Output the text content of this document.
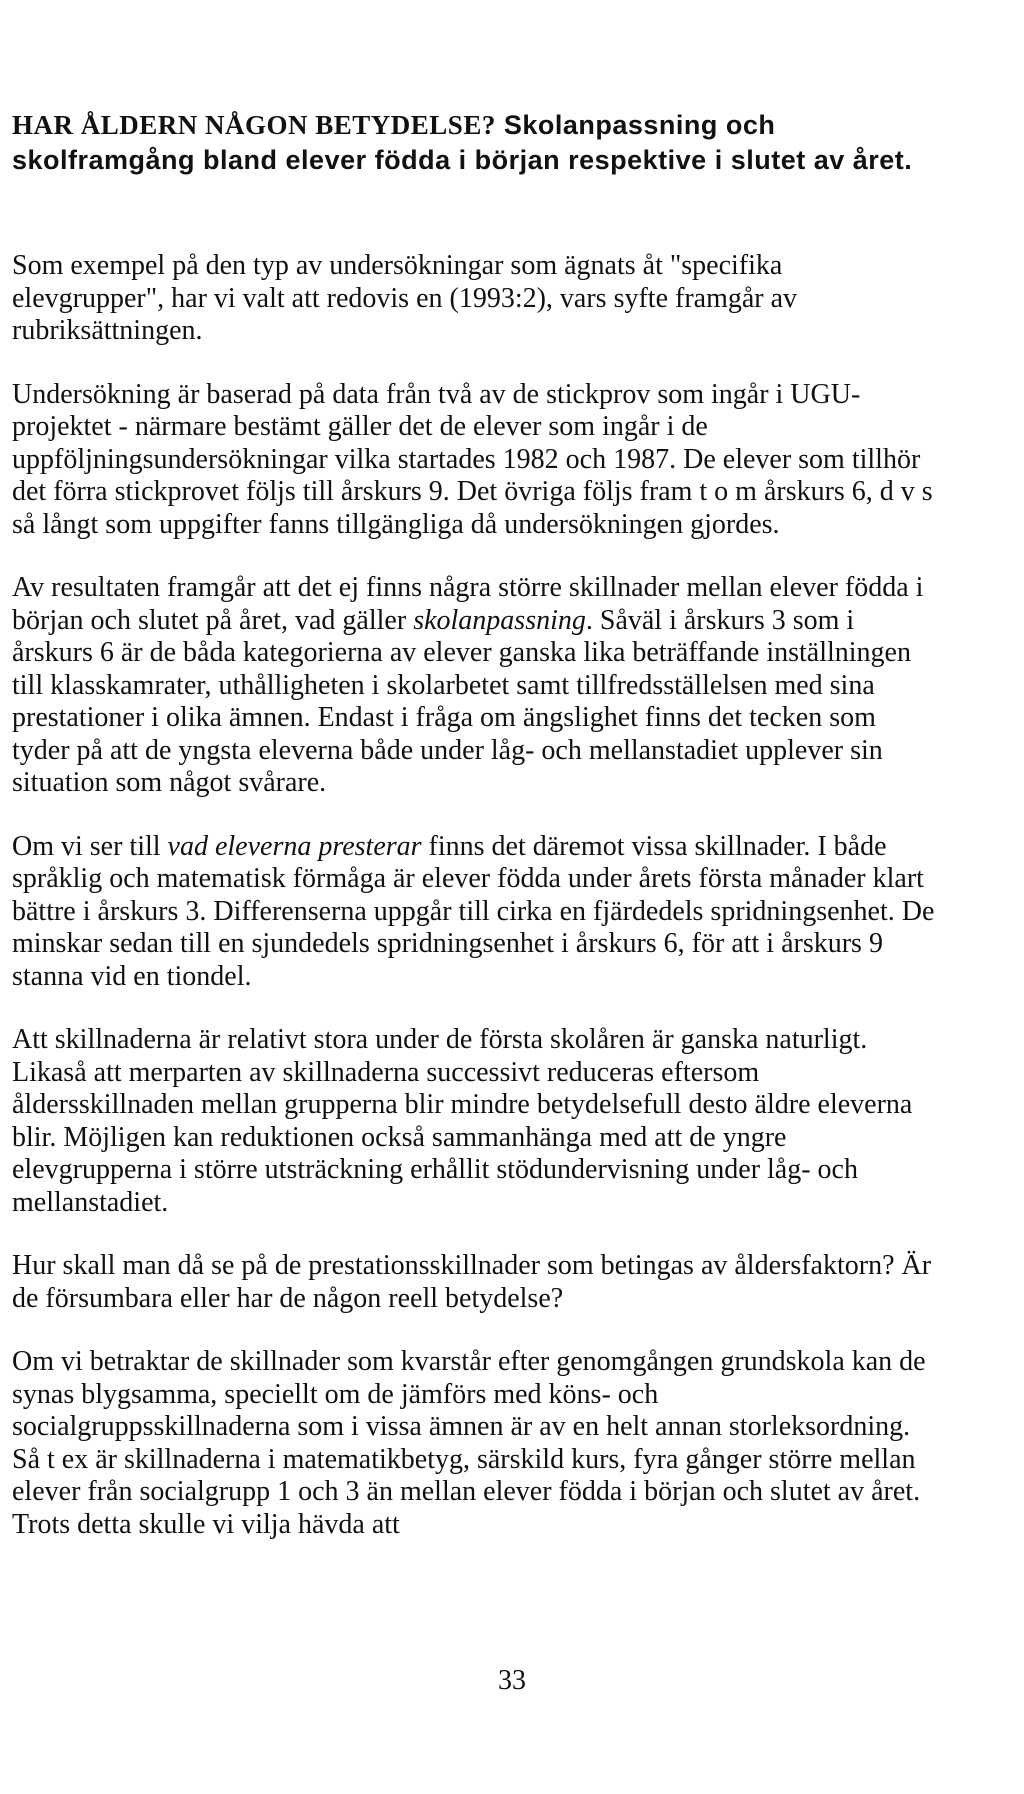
HAR ÅLDERN NÅGON BETYDELSE? Skolanpassning och skolframgång bland elever födda i början respektive i slutet av året.

Som exempel på den typ av undersökningar som ägnats åt "specifika elevgrupper", har vi valt att redovis en (1993:2), vars syfte framgår av rubriksättningen.

Undersökning är baserad på data från två av de stickprov som ingår i UGU-projektet - närmare bestämt gäller det de elever som ingår i de uppföljningsundersökningar vilka startades 1982 och 1987. De elever som tillhör det förra stickprovet följs till årskurs 9. Det övriga följs fram t o m årskurs 6, d v s så långt som uppgifter fanns tillgängliga då undersökningen gjordes.

Av resultaten framgår att det ej finns några större skillnader mellan elever födda i början och slutet på året, vad gäller skolanpassning. Såväl i årskurs 3 som i årskurs 6 är de båda kategorierna av elever ganska lika beträffande inställningen till klasskamrater, uthålligheten i skolarbetet samt tillfredsställelsen med sina prestationer i olika ämnen. Endast i fråga om ängslighet finns det tecken som tyder på att de yngsta eleverna både under låg- och mellanstadiet upplever sin situation som något svårare.

Om vi ser till vad eleverna presterar finns det däremot vissa skillnader. I både språklig och matematisk förmåga är elever födda under årets första månader klart bättre i årskurs 3. Differenserna uppgår till cirka en fjärdedels spridningsenhet. De minskar sedan till en sjundedels spridningsenhet i årskurs 6, för att i årskurs 9 stanna vid en tiondel.

Att skillnaderna är relativt stora under de första skolåren är ganska naturligt. Likaså att merparten av skillnaderna successivt reduceras eftersom åldersskillnaden mellan grupperna blir mindre betydelsefull desto äldre eleverna blir. Möjligen kan reduktionen också sammanhänga med att de yngre elevgrupperna i större utsträckning erhållit stödundervisning under låg- och mellanstadiet.

Hur skall man då se på de prestationsskillnader som betingas av åldersfaktorn? Är de försumbara eller har de någon reell betydelse?

Om vi betraktar de skillnader som kvarstår efter genomgången grundskola kan de synas blygsamma, speciellt om de jämförs med köns- och socialgruppsskillnaderna som i vissa ämnen är av en helt annan storleksordning. Så t ex är skillnaderna i matematikbetyg, särskild kurs, fyra gånger större mellan elever från socialgrupp 1 och 3 än mellan elever födda i början och slutet av året. Trots detta skulle vi vilja hävda att

33
